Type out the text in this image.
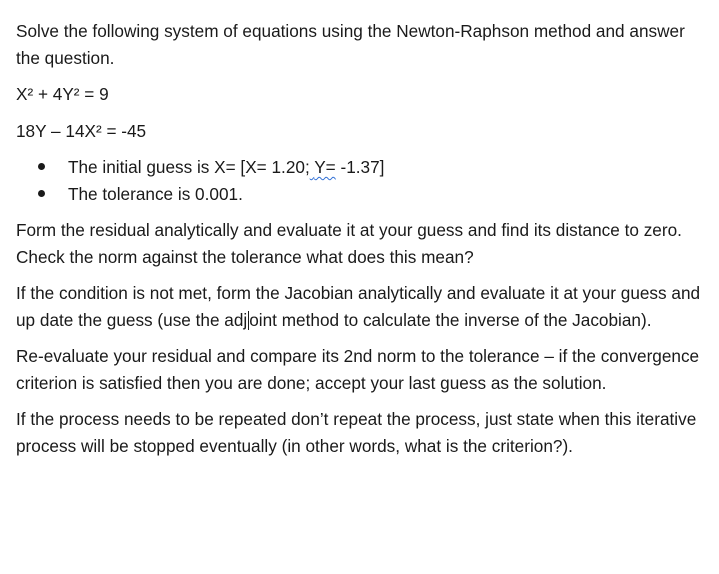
Solve the following system of equations using the Newton-Raphson method and answer the question.

X² + 4Y² = 9

18Y – 14X² = -45

The initial guess is X= [X= 1.20; Y= -1.37]
The tolerance is 0.001.

Form the residual analytically and evaluate it at your guess and find its distance to zero. Check the norm against the tolerance what does this mean?

If the condition is not met, form the Jacobian analytically and evaluate it at your guess and up date the guess (use the adj oint method to calculate the inverse of the Jacobian).

Re-evaluate your residual and compare its 2nd norm to the tolerance – if the convergence criterion is satisfied then you are done; accept your last guess as the solution.

If the process needs to be repeated don’t repeat the process, just state when this iterative process will be stopped eventually (in other words, what is the criterion?).
